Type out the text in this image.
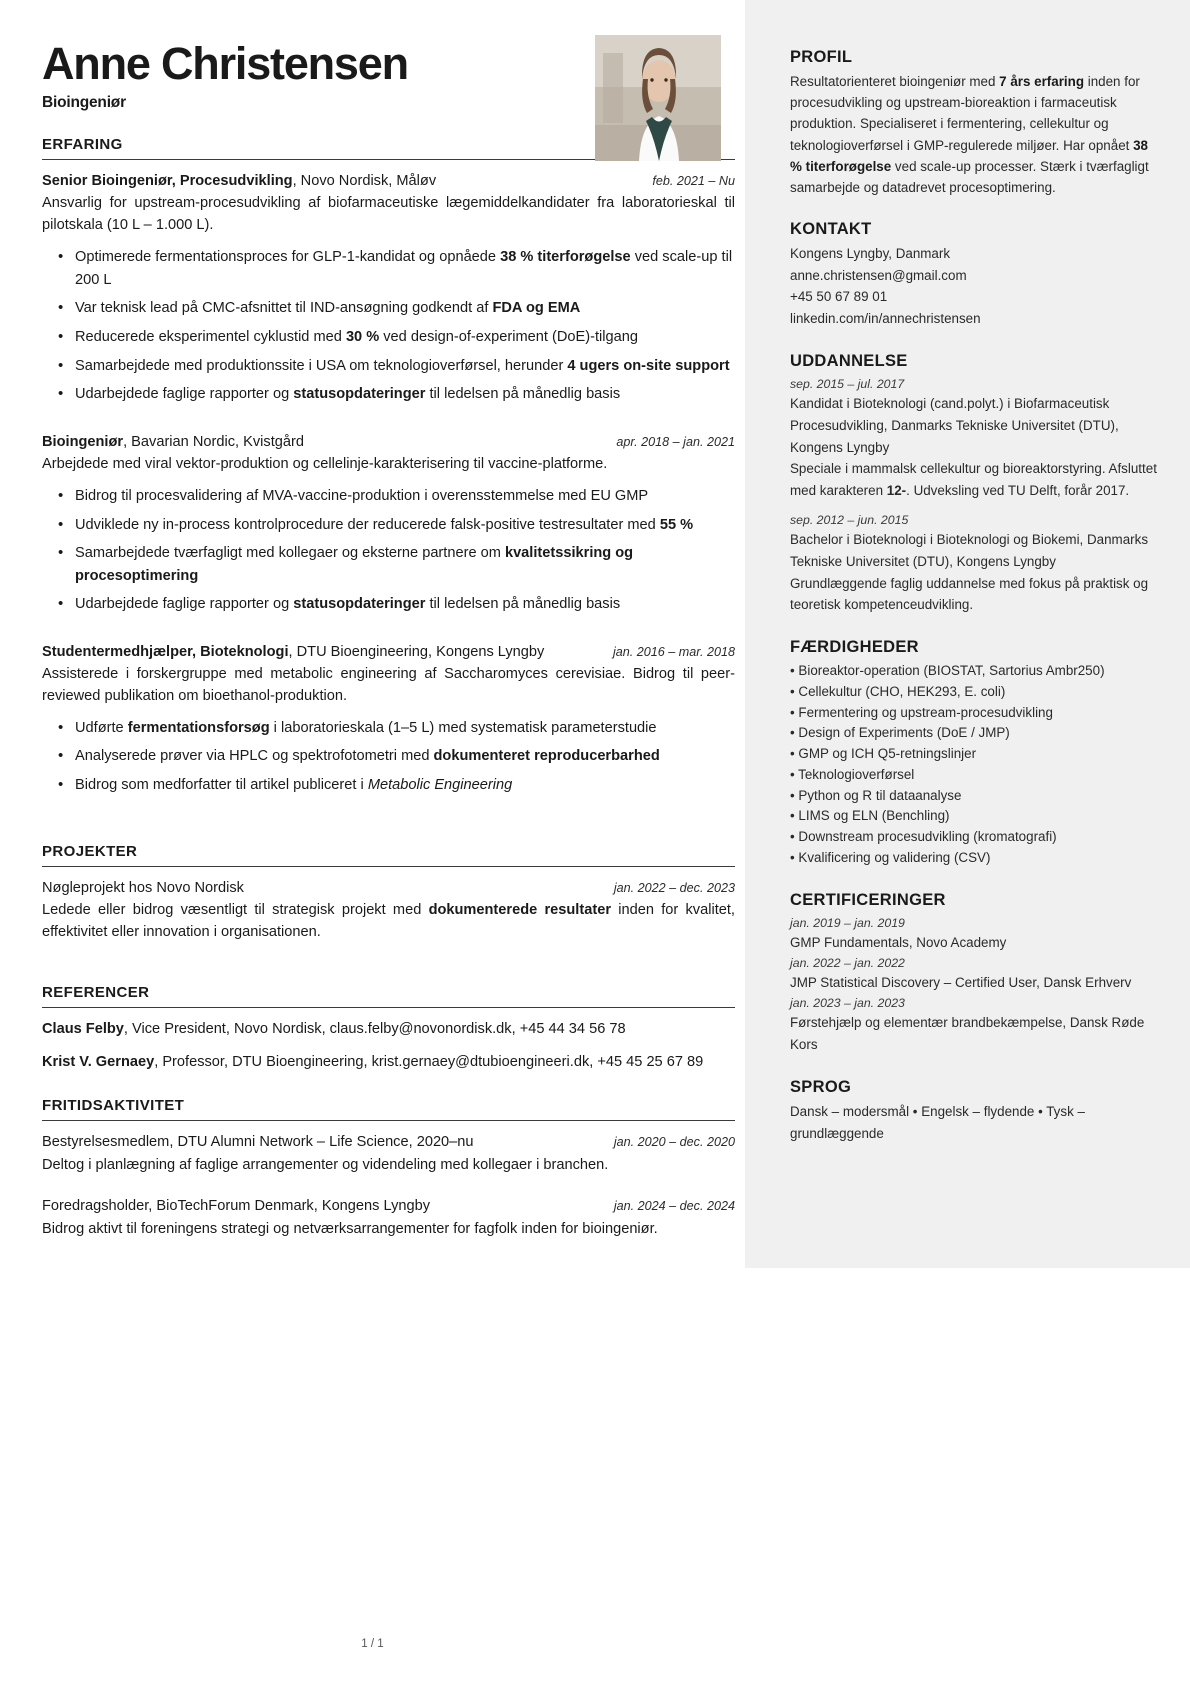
PROFIL
Resultatorienteret bioingeniør med 7 års erfaring inden for procesudvikling og upstream-bioreaktion i farmaceutisk produktion. Specialiseret i fermentering, cellekultur og teknologioverførsel i GMP-regulerede miljøer. Har opnået 38 % titerforøgelse ved scale-up processer. Stærk i tværfagligt samarbejde og datadrevet procesoptimering.
KONTAKT
Kongens Lyngby, Danmark
anne.christensen@gmail.com
+45 50 67 89 01
linkedin.com/in/annechristensen
UDDANNELSE
sep. 2015 – jul. 2017
Kandidat i Bioteknologi (cand.polyt.) i Biofarmaceutisk Procesudvikling, Danmarks Tekniske Universitet (DTU), Kongens Lyngby
Speciale i mammalsk cellekultur og bioreaktorstyring. Afsluttet med karakteren 12-. Udveksling ved TU Delft, forår 2017.
sep. 2012 – jun. 2015
Bachelor i Bioteknologi i Bioteknologi og Biokemi, Danmarks Tekniske Universitet (DTU), Kongens Lyngby
Grundlæggende faglig uddannelse med fokus på praktisk og teoretisk kompetenceudvikling.
FÆRDIGHEDER
• Bioreaktor-operation (BIOSTAT, Sartorius Ambr250)
• Cellekultur (CHO, HEK293, E. coli)
• Fermentering og upstream-procesudvikling
• Design of Experiments (DoE / JMP)
• GMP og ICH Q5-retningslinjer
• Teknologioverførsel
• Python og R til dataanalyse
• LIMS og ELN (Benchling)
• Downstream procesudvikling (kromatografi)
• Kvalificering og validering (CSV)
CERTIFICERINGER
jan. 2019 – jan. 2019
GMP Fundamentals, Novo Academy
jan. 2022 – jan. 2022
JMP Statistical Discovery – Certified User, Dansk Erhverv
jan. 2023 – jan. 2023
Førstehjælp og elementær brandbekæmpelse, Dansk Røde Kors
SPROG
Dansk – modersmål • Engelsk – flydende • Tysk – grundlæggende
Anne Christensen
Bioingeniør
ERFARING
Senior Bioingeniør, Procesudvikling, Novo Nordisk, Måløv	feb. 2021 – Nu
Ansvarlig for upstream-procesudvikling af biofarmaceutiske lægemiddelkandidater fra laboratorieskal til pilotskala (10 L – 1.000 L).
• Optimerede fermentationsproces for GLP-1-kandidat og opnåede 38 % titerforøgelse ved scale-up til 200 L
• Var teknisk lead på CMC-afsnittet til IND-ansøgning godkendt af FDA og EMA
• Reducerede eksperimentel cyklustid med 30 % ved design-of-experiment (DoE)-tilgang
• Samarbejdede med produktionssite i USA om teknologioverførsel, herunder 4 ugers on-site support
• Udarbejdede faglige rapporter og statusopdateringer til ledelsen på månedlig basis
Bioingeniør, Bavarian Nordic, Kvistgård	apr. 2018 – jan. 2021
Arbejdede med viral vektor-produktion og cellelinje-karakterisering til vaccine-platforme.
• Bidrog til procesvalidering af MVA-vaccine-produktion i overensstemmelse med EU GMP
• Udviklede ny in-process kontrolprocedure der reducerede falsk-positive testresultater med 55 %
• Samarbejdede tværfagligt med kollegaer og eksterne partnere om kvalitetssikring og procesoptimering
• Udarbejdede faglige rapporter og statusopdateringer til ledelsen på månedlig basis
Studentermedhjælper, Bioteknologi, DTU Bioengineering, Kongens Lyngby	jan. 2016 – mar. 2018
Assisterede i forskergruppe med metabolic engineering af Saccharomyces cerevisiae. Bidrog til peer-reviewed publikation om bioethanol-produktion.
• Udførte fermentationsforsøg i laboratorieskala (1–5 L) med systematisk parameterstudie
• Analyserede prøver via HPLC og spektrofotometri med dokumenteret reproducerbarhed
• Bidrog som medforfatter til artikel publiceret i Metabolic Engineering
PROJEKTER
Nøgleprojekt hos Novo Nordisk	jan. 2022 – dec. 2023
Ledede eller bidrog væsentligt til strategisk projekt med dokumenterede resultater inden for kvalitet, effektivitet eller innovation i organisationen.
REFERENCER
Claus Felby, Vice President, Novo Nordisk, claus.felby@novonordisk.dk, +45 44 34 56 78
Krist V. Gernaey, Professor, DTU Bioengineering, krist.gernaey@dtubioengineeri.dk, +45 45 25 67 89
FRITIDSAKTIVITET
Bestyrelsesmedlem, DTU Alumni Network – Life Science, 2020–nu	jan. 2020 – dec. 2020
Deltog i planlægning af faglige arrangementer og videndeling med kollegaer i branchen.
Foredragsholder, BioTechForum Denmark, Kongens Lyngby	jan. 2024 – dec. 2024
Bidrog aktivt til foreningens strategi og netværksarrangementer for fagfolk inden for bioingeniør.
1 / 1
